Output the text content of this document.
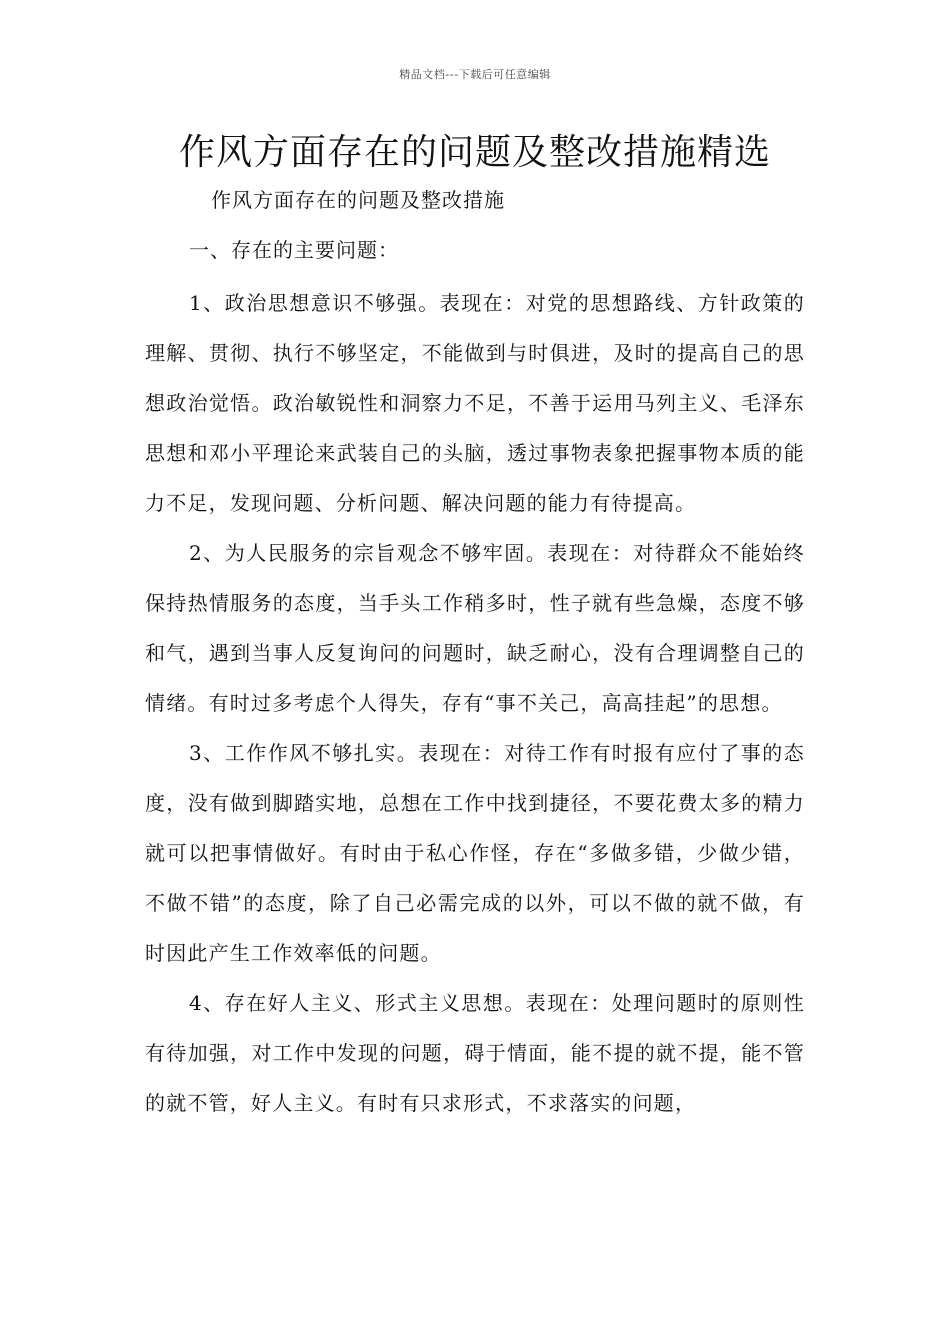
精品文档---下载后可任意编辑
作风方面存在的问题及整改措施精选

作风方面存在的问题及整改措施

一、存在的主要问题：

1、政治思想意识不够强。表现在：对党的思想路线、方针政策的理解、贯彻、执行不够坚定，不能做到与时俱进，及时的提高自己的思想政治觉悟。政治敏锐性和洞察力不足，不善于运用马列主义、毛泽东思想和邓小平理论来武装自己的头脑，透过事物表象把握事物本质的能力不足，发现问题、分析问题、解决问题的能力有待提高。

2、为人民服务的宗旨观念不够牢固。表现在：对待群众不能始终保持热情服务的态度，当手头工作稍多时，性子就有些急燥，态度不够和气，遇到当事人反复询问的问题时，缺乏耐心，没有合理调整自己的情绪。有时过多考虑个人得失，存有“事不关己，高高挂起”的思想。

3、工作作风不够扎实。表现在：对待工作有时报有应付了事的态度，没有做到脚踏实地，总想在工作中找到捷径，不要花费太多的精力就可以把事情做好。有时由于私心作怪，存在“多做多错，少做少错，不做不错”的态度，除了自己必需完成的以外，可以不做的就不做，有时因此产生工作效率低的问题。

4、存在好人主义、形式主义思想。表现在：处理问题时的原则性有待加强，对工作中发现的问题，碍于情面，能不提的就不提，能不管的就不管，好人主义。有时有只求形式，不求落实的问题，
